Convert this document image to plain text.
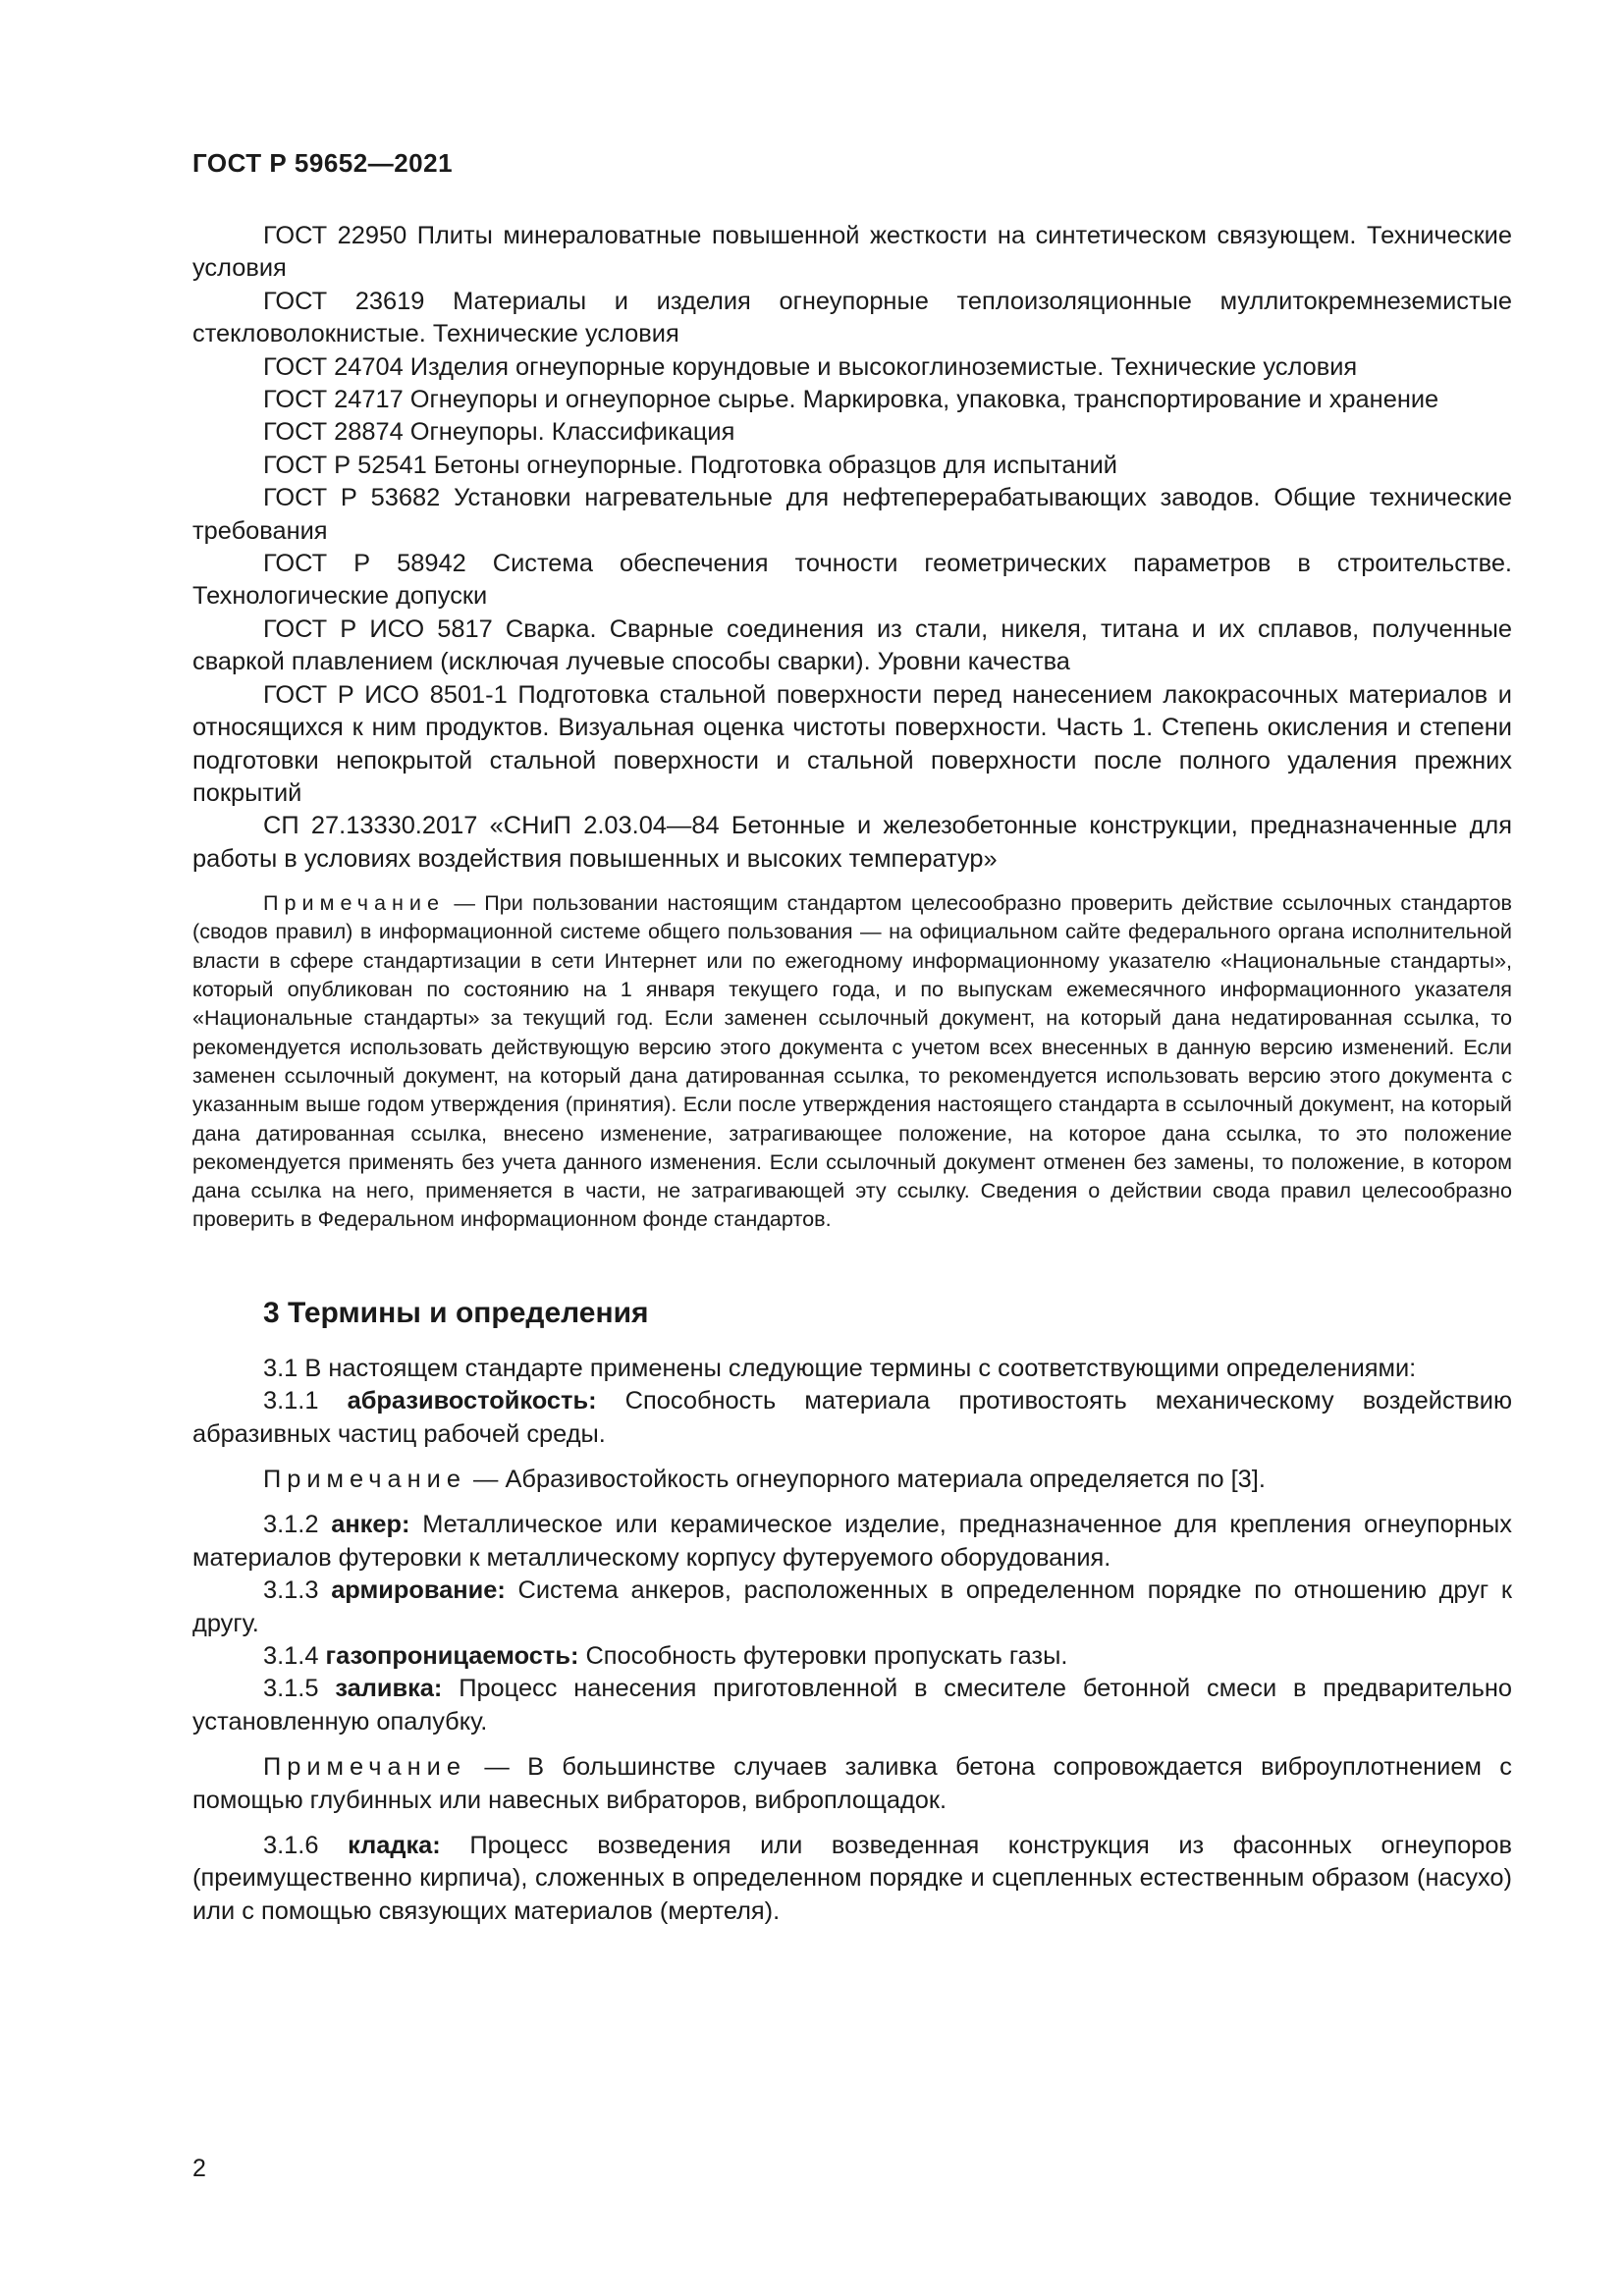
ГОСТ Р 59652—2021

ГОСТ 22950 Плиты минераловатные повышенной жесткости на синтетическом связующем. Технические условия

ГОСТ 23619 Материалы и изделия огнеупорные теплоизоляционные муллитокремнеземистые стекловолокнистые. Технические условия

ГОСТ 24704 Изделия огнеупорные корундовые и высокоглиноземистые. Технические условия

ГОСТ 24717 Огнеупоры и огнеупорное сырье. Маркировка, упаковка, транспортирование и хранение

ГОСТ 28874 Огнеупоры. Классификация

ГОСТ Р 52541 Бетоны огнеупорные. Подготовка образцов для испытаний

ГОСТ Р 53682 Установки нагревательные для нефтеперерабатывающих заводов. Общие технические требования

ГОСТ Р 58942 Система обеспечения точности геометрических параметров в строительстве. Технологические допуски

ГОСТ Р ИСО 5817 Сварка. Сварные соединения из стали, никеля, титана и их сплавов, полученные сваркой плавлением (исключая лучевые способы сварки). Уровни качества

ГОСТ Р ИСО 8501-1 Подготовка стальной поверхности перед нанесением лакокрасочных материалов и относящихся к ним продуктов. Визуальная оценка чистоты поверхности. Часть 1. Степень окисления и степени подготовки непокрытой стальной поверхности и стальной поверхности после полного удаления прежних покрытий

СП 27.13330.2017 «СНиП 2.03.04—84 Бетонные и железобетонные конструкции, предназначенные для работы в условиях воздействия повышенных и высоких температур»

Примечание — При пользовании настоящим стандартом целесообразно проверить действие ссылочных стандартов (сводов правил) в информационной системе общего пользования — на официальном сайте федерального органа исполнительной власти в сфере стандартизации в сети Интернет или по ежегодному информационному указателю «Национальные стандарты», который опубликован по состоянию на 1 января текущего года, и по выпускам ежемесячного информационного указателя «Национальные стандарты» за текущий год. Если заменен ссылочный документ, на который дана недатированная ссылка, то рекомендуется использовать действующую версию этого документа с учетом всех внесенных в данную версию изменений. Если заменен ссылочный документ, на который дана датированная ссылка, то рекомендуется использовать версию этого документа с указанным выше годом утверждения (принятия). Если после утверждения настоящего стандарта в ссылочный документ, на который дана датированная ссылка, внесено изменение, затрагивающее положение, на которое дана ссылка, то это положение рекомендуется применять без учета данного изменения. Если ссылочный документ отменен без замены, то положение, в котором дана ссылка на него, применяется в части, не затрагивающей эту ссылку. Сведения о действии свода правил целесообразно проверить в Федеральном информационном фонде стандартов.

3 Термины и определения

3.1 В настоящем стандарте применены следующие термины с соответствующими определениями:

3.1.1 абразивостойкость: Способность материала противостоять механическому воздействию абразивных частиц рабочей среды.

Примечание — Абразивостойкость огнеупорного материала определяется по [3].

3.1.2 анкер: Металлическое или керамическое изделие, предназначенное для крепления огнеупорных материалов футеровки к металлическому корпусу футеруемого оборудования.

3.1.3 армирование: Система анкеров, расположенных в определенном порядке по отношению друг к другу.

3.1.4 газопроницаемость: Способность футеровки пропускать газы.

3.1.5 заливка: Процесс нанесения приготовленной в смесителе бетонной смеси в предварительно установленную опалубку.

Примечание — В большинстве случаев заливка бетона сопровождается виброуплотнением с помощью глубинных или навесных вибраторов, виброплощадок.

3.1.6 кладка: Процесс возведения или возведенная конструкция из фасонных огнеупоров (преимущественно кирпича), сложенных в определенном порядке и сцепленных естественным образом (насухо) или с помощью связующих материалов (мертеля).

2
